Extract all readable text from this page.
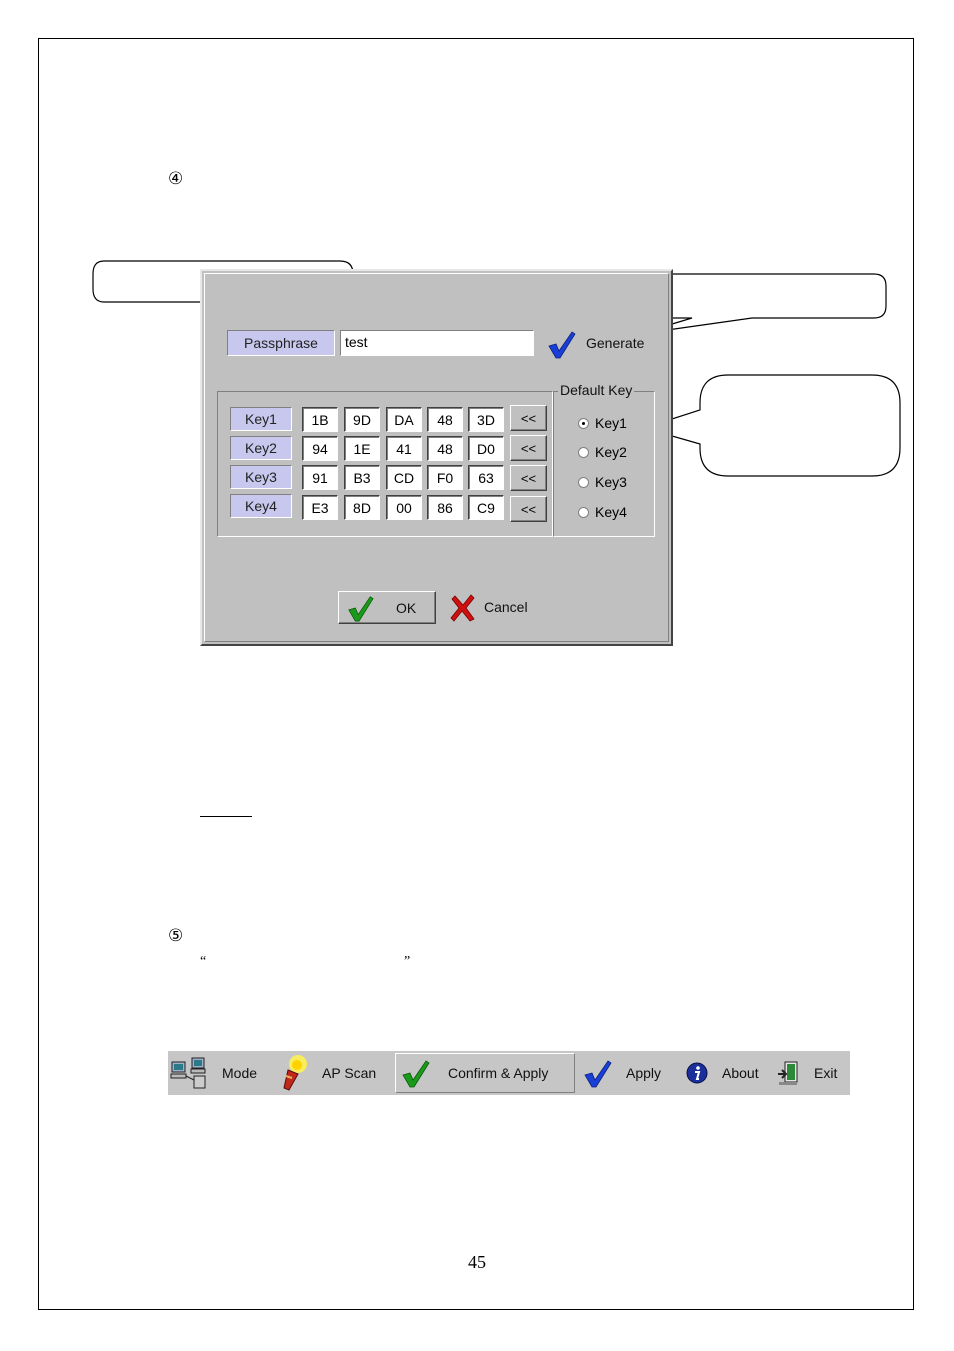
④
Passphrase	test	Generate
Default Key
Key1	1B	9D	DA	48	3D	<<
Key2	94	1E	41	48	D0	<<
Key3	91	B3	CD	F0	63	<<
Key4	E3	8D	00	86	C9	<<
Key1
Key2
Key3
Key4
OK	Cancel
⑤
“	”
Mode	AP Scan	Confirm & Apply	Apply	About	Exit
45
